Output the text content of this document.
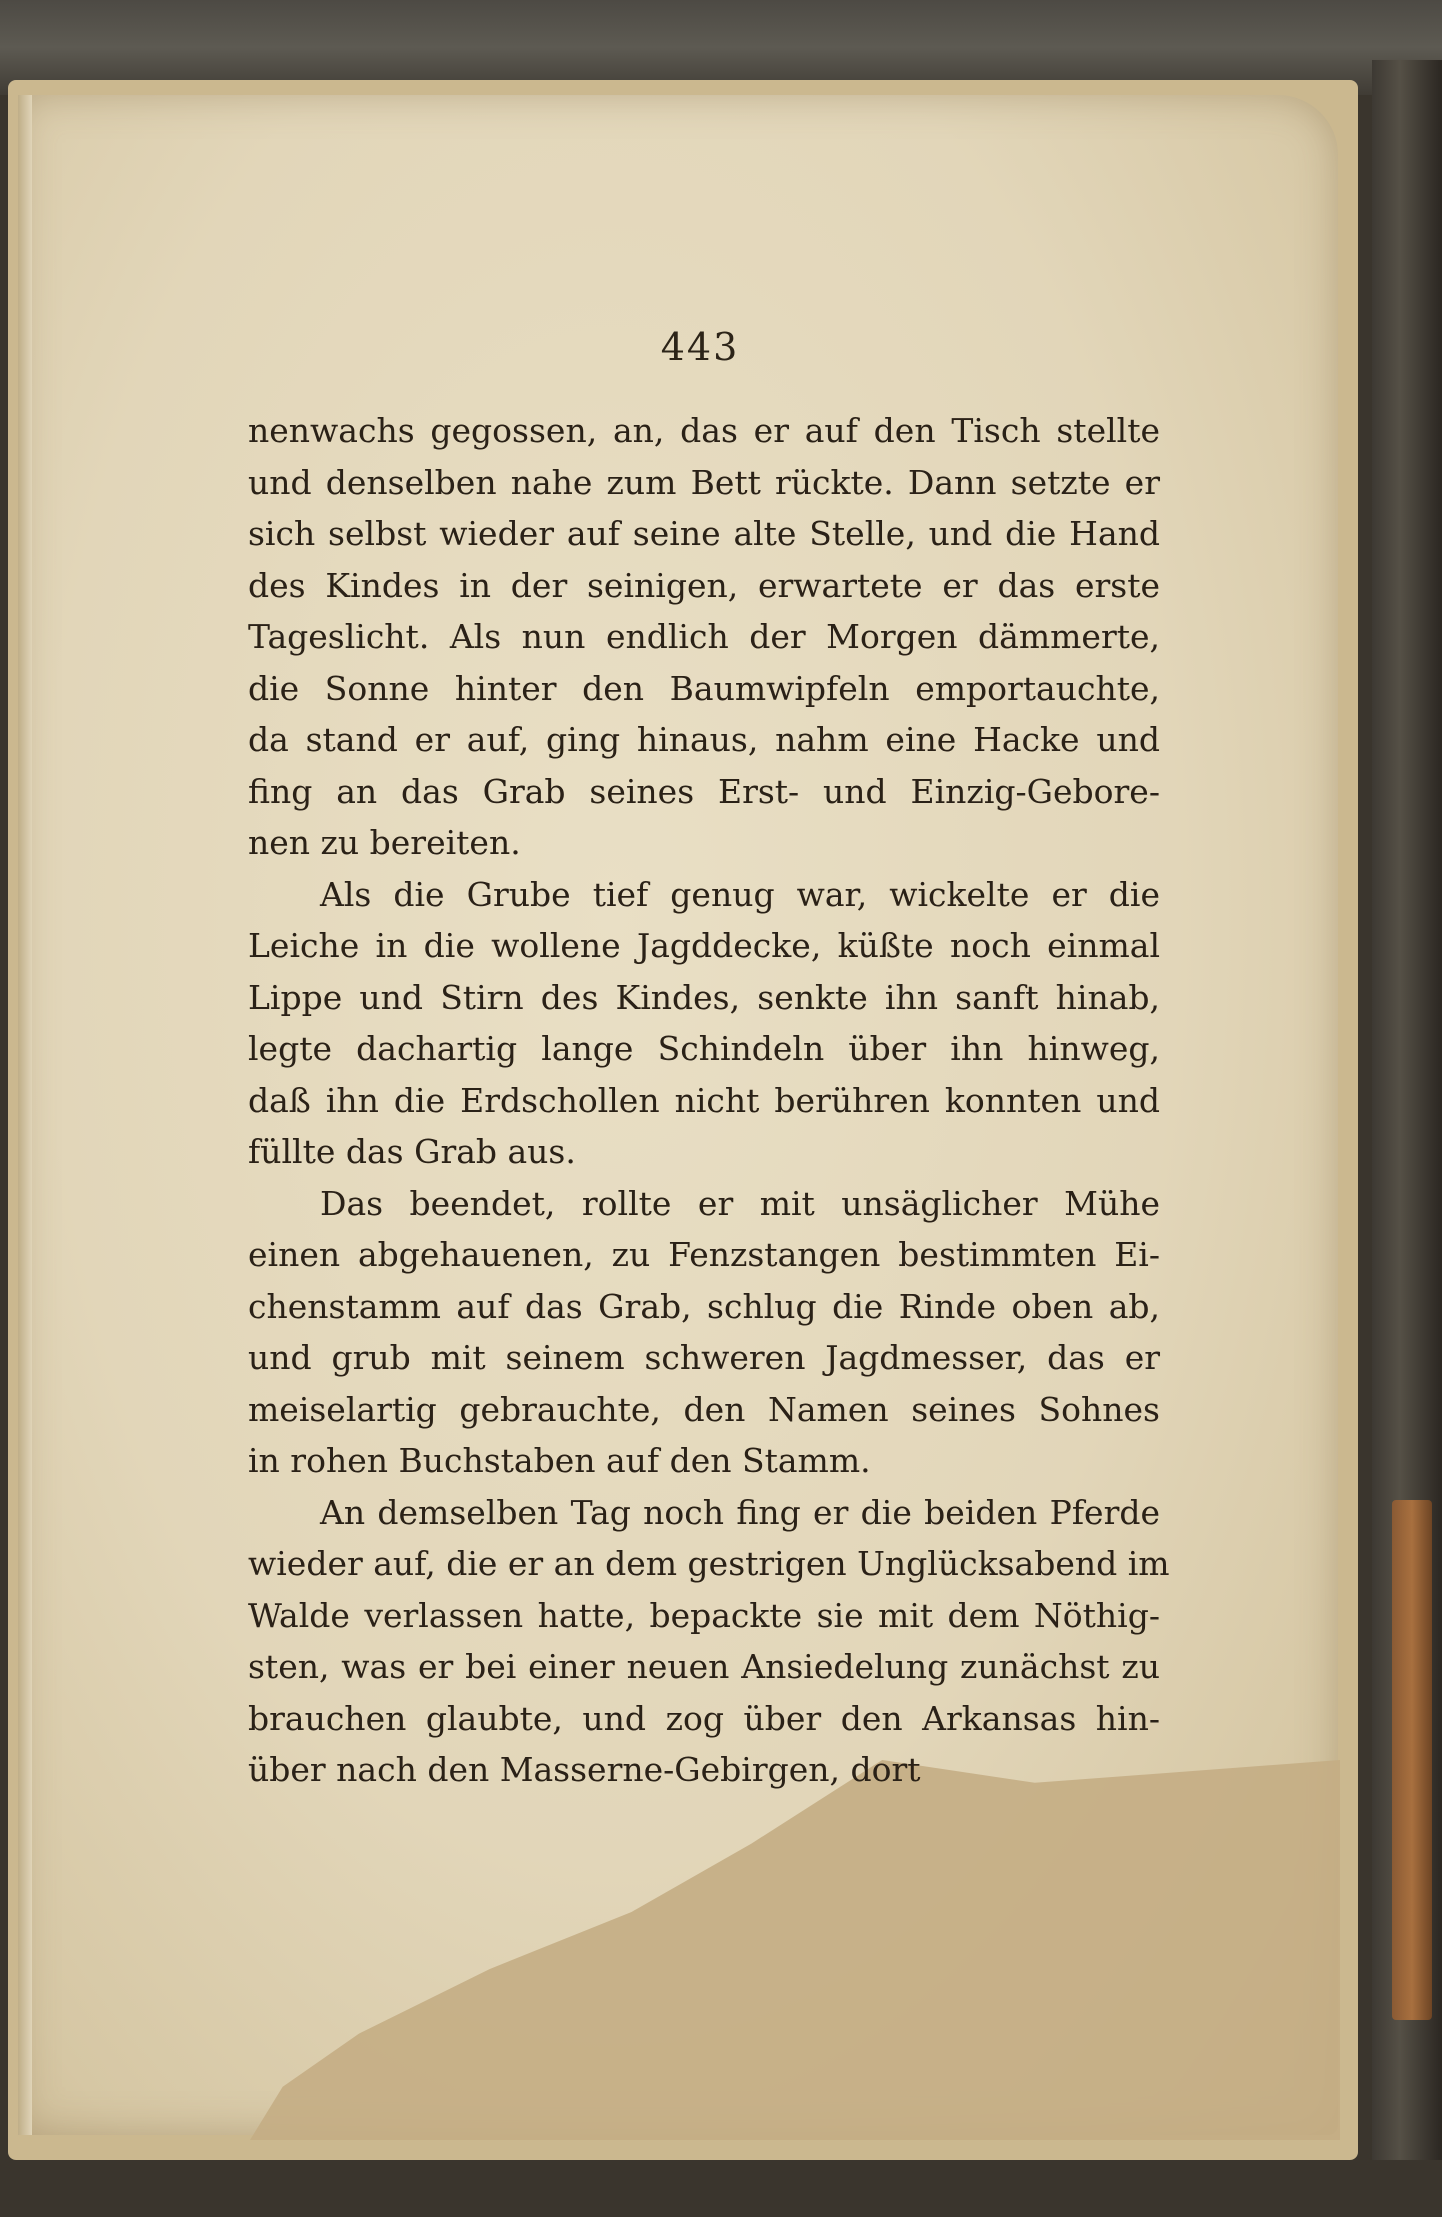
443

nenwachs gegossen, an, das er auf den Tisch stellte
und denselben nahe zum Bett rückte. Dann setzte er
sich selbst wieder auf seine alte Stelle, und die Hand
des Kindes in der seinigen, erwartete er das erste
Tageslicht. Als nun endlich der Morgen dämmerte,
die Sonne hinter den Baumwipfeln emportauchte,
da stand er auf, ging hinaus, nahm eine Hacke und
fing an das Grab seines Erst- und Einzig-Gebore-
nen zu bereiten.

Als die Grube tief genug war, wickelte er die
Leiche in die wollene Jagddecke, küßte noch einmal
Lippe und Stirn des Kindes, senkte ihn sanft hinab,
legte dachartig lange Schindeln über ihn hinweg,
daß ihn die Erdschollen nicht berühren konnten und
füllte das Grab aus.

Das beendet, rollte er mit unsäglicher Mühe
einen abgehauenen, zu Fenzstangen bestimmten Ei-
chenstamm auf das Grab, schlug die Rinde oben ab,
und grub mit seinem schweren Jagdmesser, das er
meiselartig gebrauchte, den Namen seines Sohnes
in rohen Buchstaben auf den Stamm.

An demselben Tag noch fing er die beiden Pferde
wieder auf, die er an dem gestrigen Unglücksabend im
Walde verlassen hatte, bepackte sie mit dem Nöthig-
sten, was er bei einer neuen Ansiedelung zunächst zu
brauchen glaubte, und zog über den Arkansas hin-
über nach den Masserne-Gebirgen, dort
